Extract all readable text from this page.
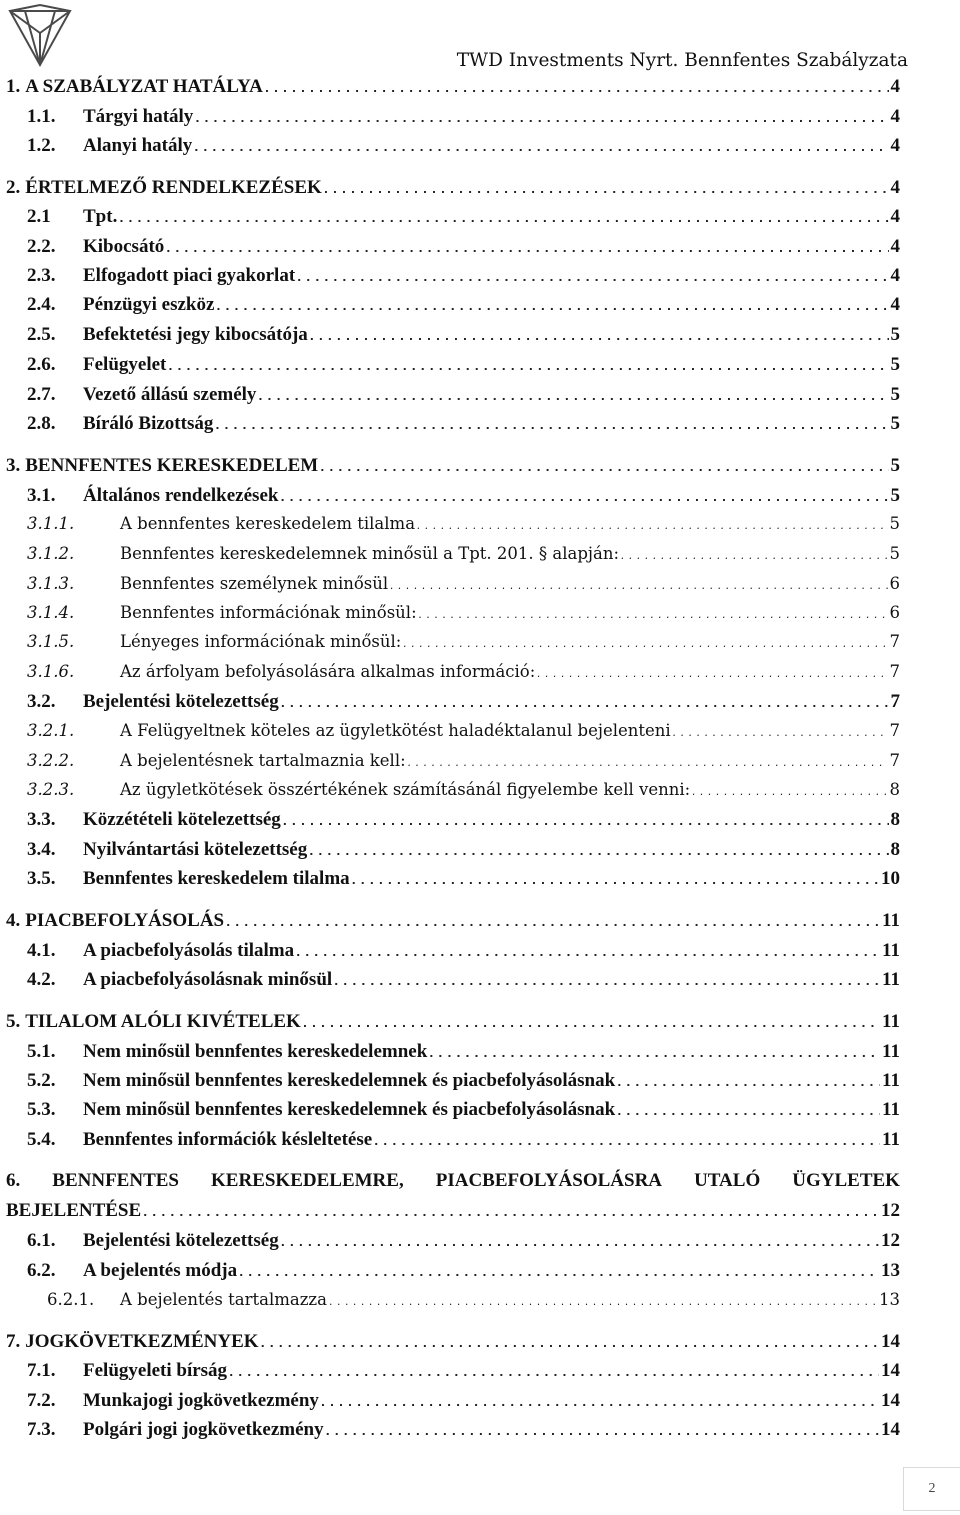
TWD Investments Nyrt. Bennfentes Szabályzata
1. A SZABÁLYZAT HATÁLYA . . .	4
1.1.	Tárgyi hatály . . .	4
1.2.	Alanyi hatály . . .	4
2. ÉRTELMEZŐ RENDELKEZÉSEK . . .	4
2.1	Tpt. . . .	4
2.2.	Kibocsátó . . .	4
2.3.	Elfogadott piaci gyakorlat . . .	4
2.4.	Pénzügyi eszköz . . .	4
2.5.	Befektetési jegy kibocsátója . . .	5
2.6.	Felügyelet . . .	5
2.7.	Vezető állású személy . . .	5
2.8.	Bíráló Bizottság . . .	5
3. BENNFENTES KERESKEDELEM . . .	5
3.1.	Általános rendelkezések . . .	5
3.1.1.	A bennfentes kereskedelem tilalma . . .	5
3.1.2.	Bennfentes kereskedelemnek minősül a Tpt. 201. § alapján: . . .	5
3.1.3.	Bennfentes személynek minősül . . .	6
3.1.4.	Bennfentes információnak minősül: . . .	6
3.1.5.	Lényeges információnak minősül: . . .	7
3.1.6.	Az árfolyam befolyásolására alkalmas információ: . . .	7
3.2.	Bejelentési kötelezettség . . .	7
3.2.1.	A Felügyeltnek köteles az ügyletkötést haladéktalanul bejelenteni . . .	7
3.2.2.	A bejelentésnek tartalmaznia kell: . . .	7
3.2.3.	Az ügyletkötések összértékének számításánál figyelembe kell venni: . . .	8
3.3.	Közzétételi kötelezettség . . .	8
3.4.	Nyilvántartási kötelezettség . . .	8
3.5.	Bennfentes kereskedelem tilalma . . .	10
4. PIACBEFOLYÁSOLÁS . . .	11
4.1.	A piacbefolyásolás tilalma . . .	11
4.2.	A piacbefolyásolásnak minősül . . .	11
5. TILALOM ALÓLI KIVÉTELEK . . .	11
5.1.	Nem minősül bennfentes kereskedelemnek . . .	11
5.2.	Nem minősül bennfentes kereskedelemnek és piacbefolyásolásnak . . .	11
5.3.	Nem minősül bennfentes kereskedelemnek és piacbefolyásolásnak . . .	11
5.4.	Bennfentes információk késleltetése . . .	11
6. BENNFENTES KERESKEDELEMRE, PIACBEFOLYÁSOLÁSRA UTALÓ ÜGYLETEK
BEJELENTÉSE . . .	12
6.1.	Bejelentési kötelezettség . . .	12
6.2.	A bejelentés módja . . .	13
6.2.1.	A bejelentés tartalmazza . . .	13
7. JOGKÖVETKEZMÉNYEK . . .	14
7.1.	Felügyeleti bírság . . .	14
7.2.	Munkajogi jogkövetkezmény . . .	14
7.3.	Polgári jogi jogkövetkezmény . . .	14
2
